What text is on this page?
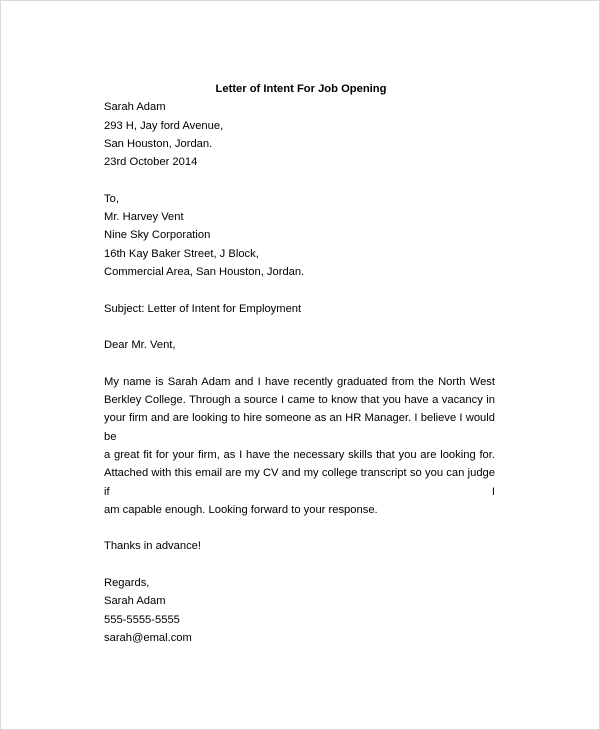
Letter of Intent For Job Opening
Sarah Adam
293 H, Jay ford Avenue,
San Houston, Jordan.
23rd October 2014
To,
Mr. Harvey Vent
Nine Sky Corporation
16th Kay Baker Street, J Block,
Commercial Area, San Houston, Jordan.
Subject: Letter of Intent for Employment
Dear Mr. Vent,
My name is Sarah Adam and I have recently graduated from the North West
Berkley College. Through a source I came to know that you have a vacancy in
your firm and are looking to hire someone as an HR Manager. I believe I would be
a great fit for your firm, as I have the necessary skills that you are looking for.
Attached with this email are my CV and my college transcript so you can judge if I
am capable enough. Looking forward to your response.
Thanks in advance!
Regards,
Sarah Adam
555-5555-5555
sarah@emal.com
